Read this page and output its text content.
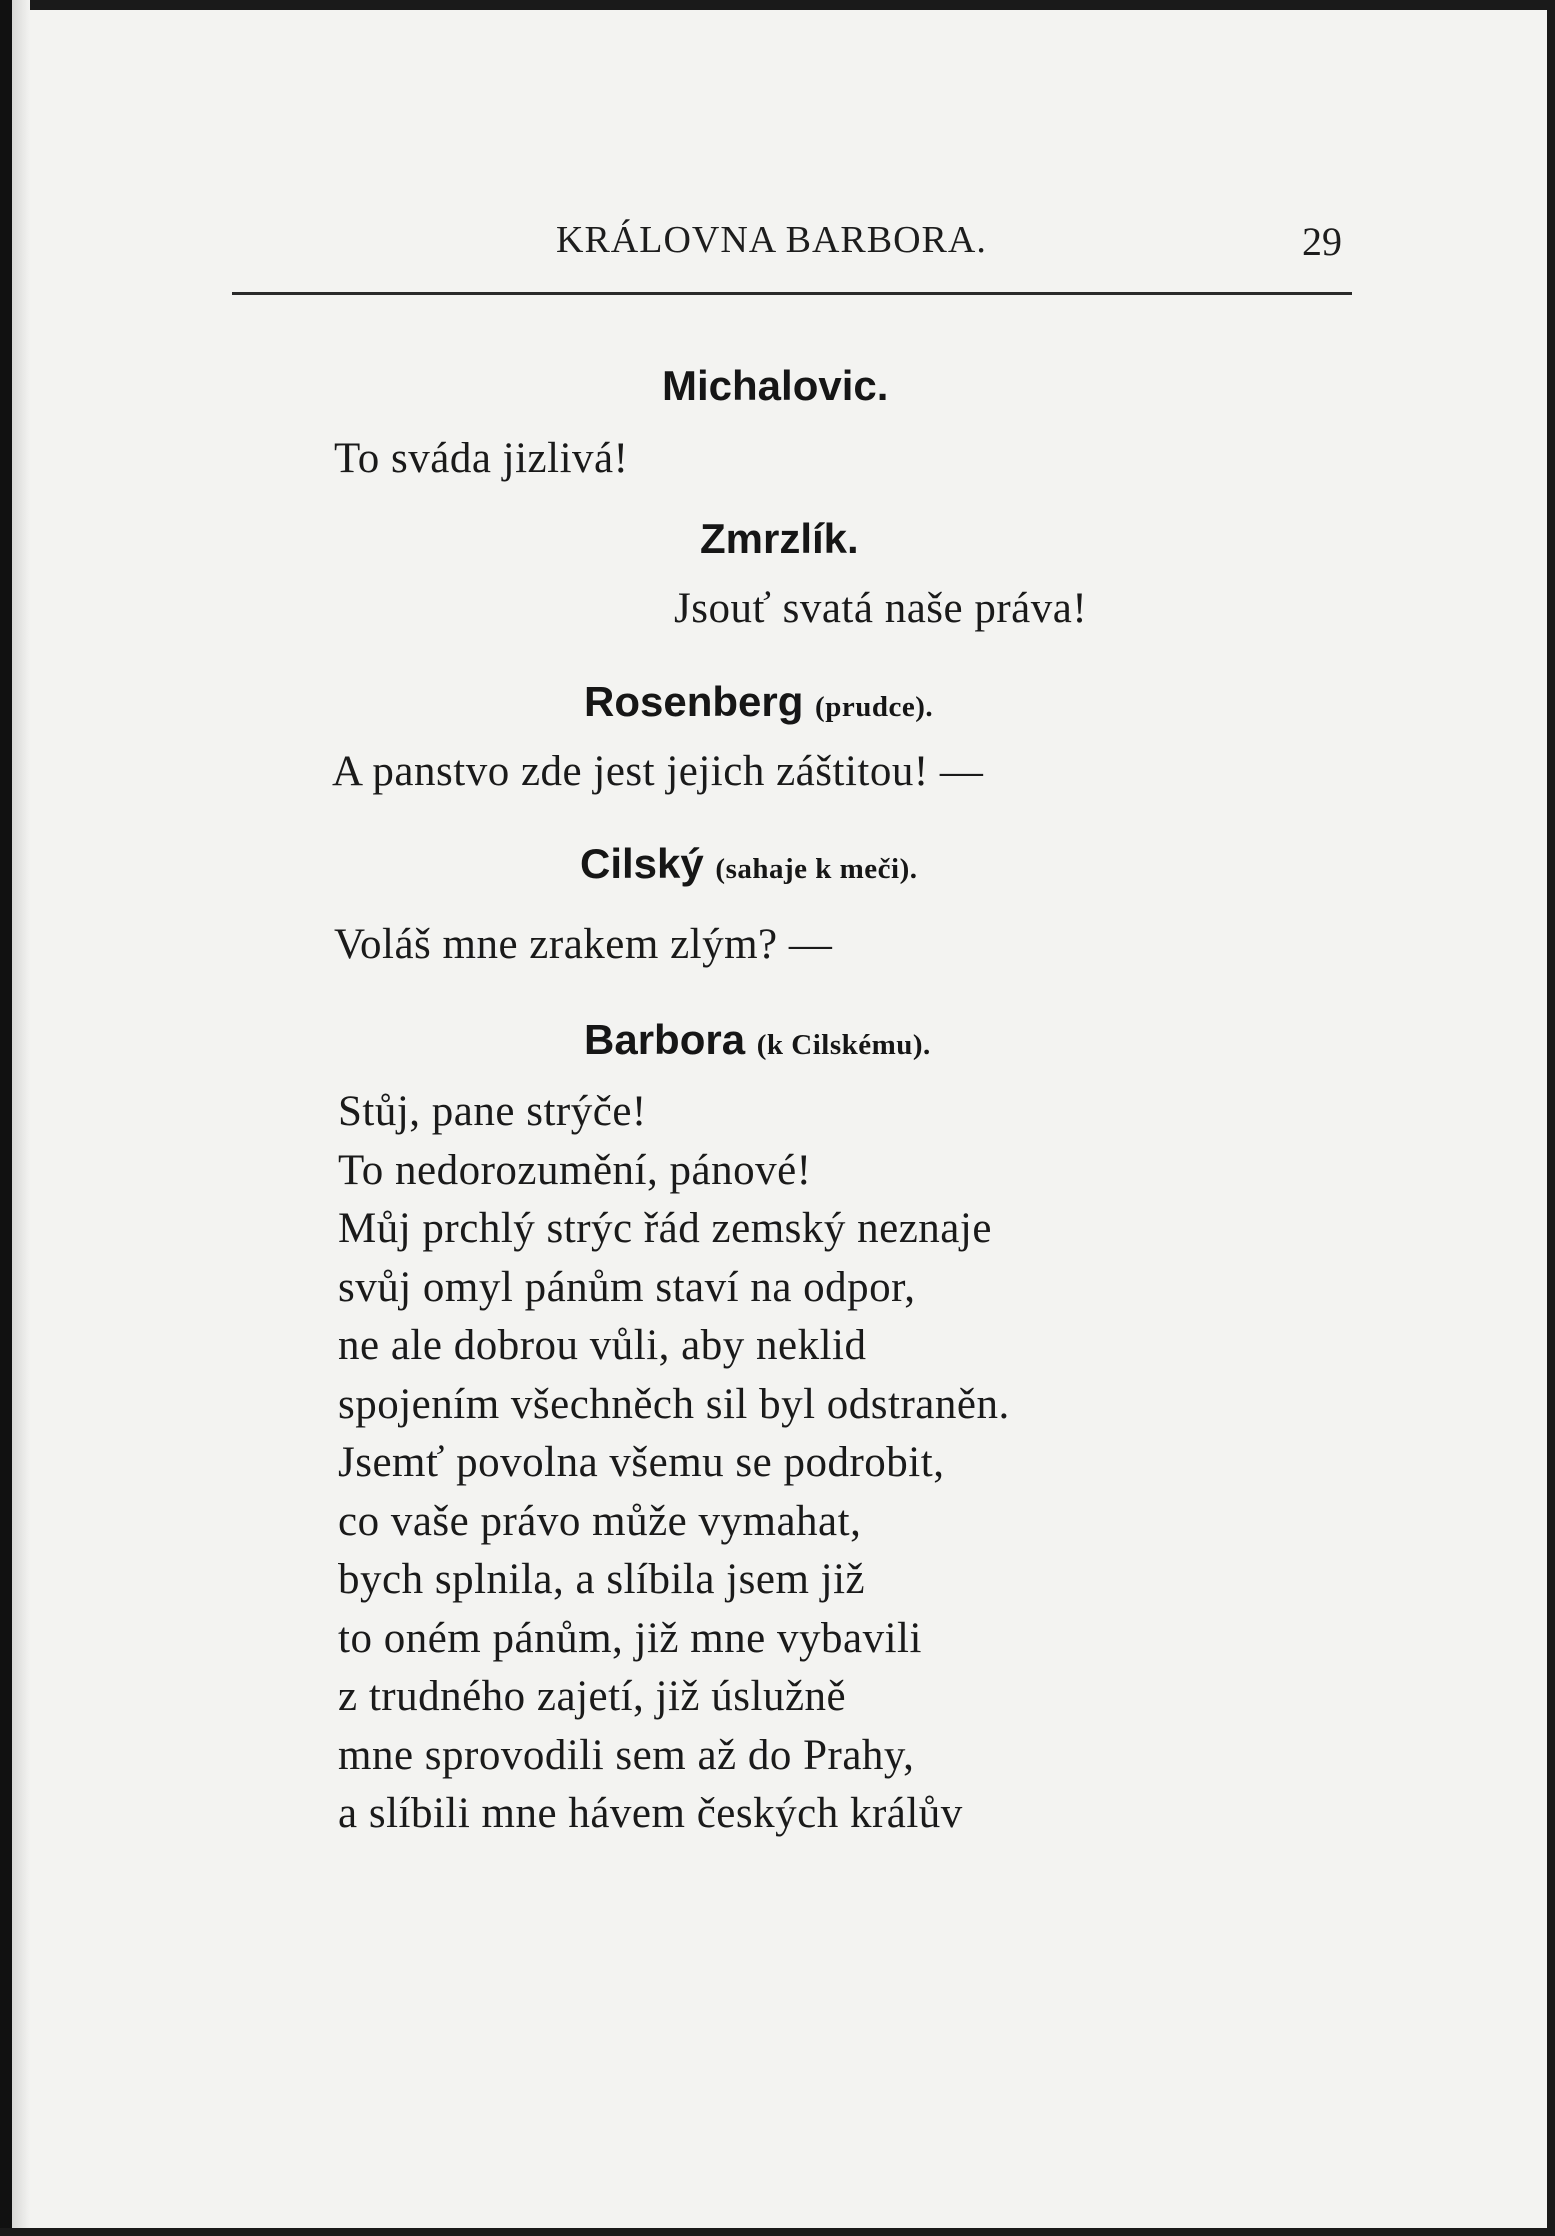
KRÁLOVNA BARBORA.	29
Michalovic.
To sváda jizlivá!
Zmrzlík.
Jsouť svatá naše práva!
Rosenberg (prudce).
A panstvo zde jest jejich záštitou! —
Cilský (sahaje k meči).
Voláš mne zrakem zlým? —
Barbora (k Cilskému).
Stůj, pane strýče!
To nedorozumění, pánové!
Můj prchlý strýc řád zemský neznaje
svůj omyl pánům staví na odpor,
ne ale dobrou vůli, aby neklid
spojením všechněch sil byl odstraněn.
Jsemť povolna všemu se podrobit,
co vaše právo může vymahat,
bych splnila, a slíbila jsem již
to oném pánům, již mne vybavili
z trudného zajetí, již úslužně
mne sprovodili sem až do Prahy,
a slíbili mne hávem českých králův
